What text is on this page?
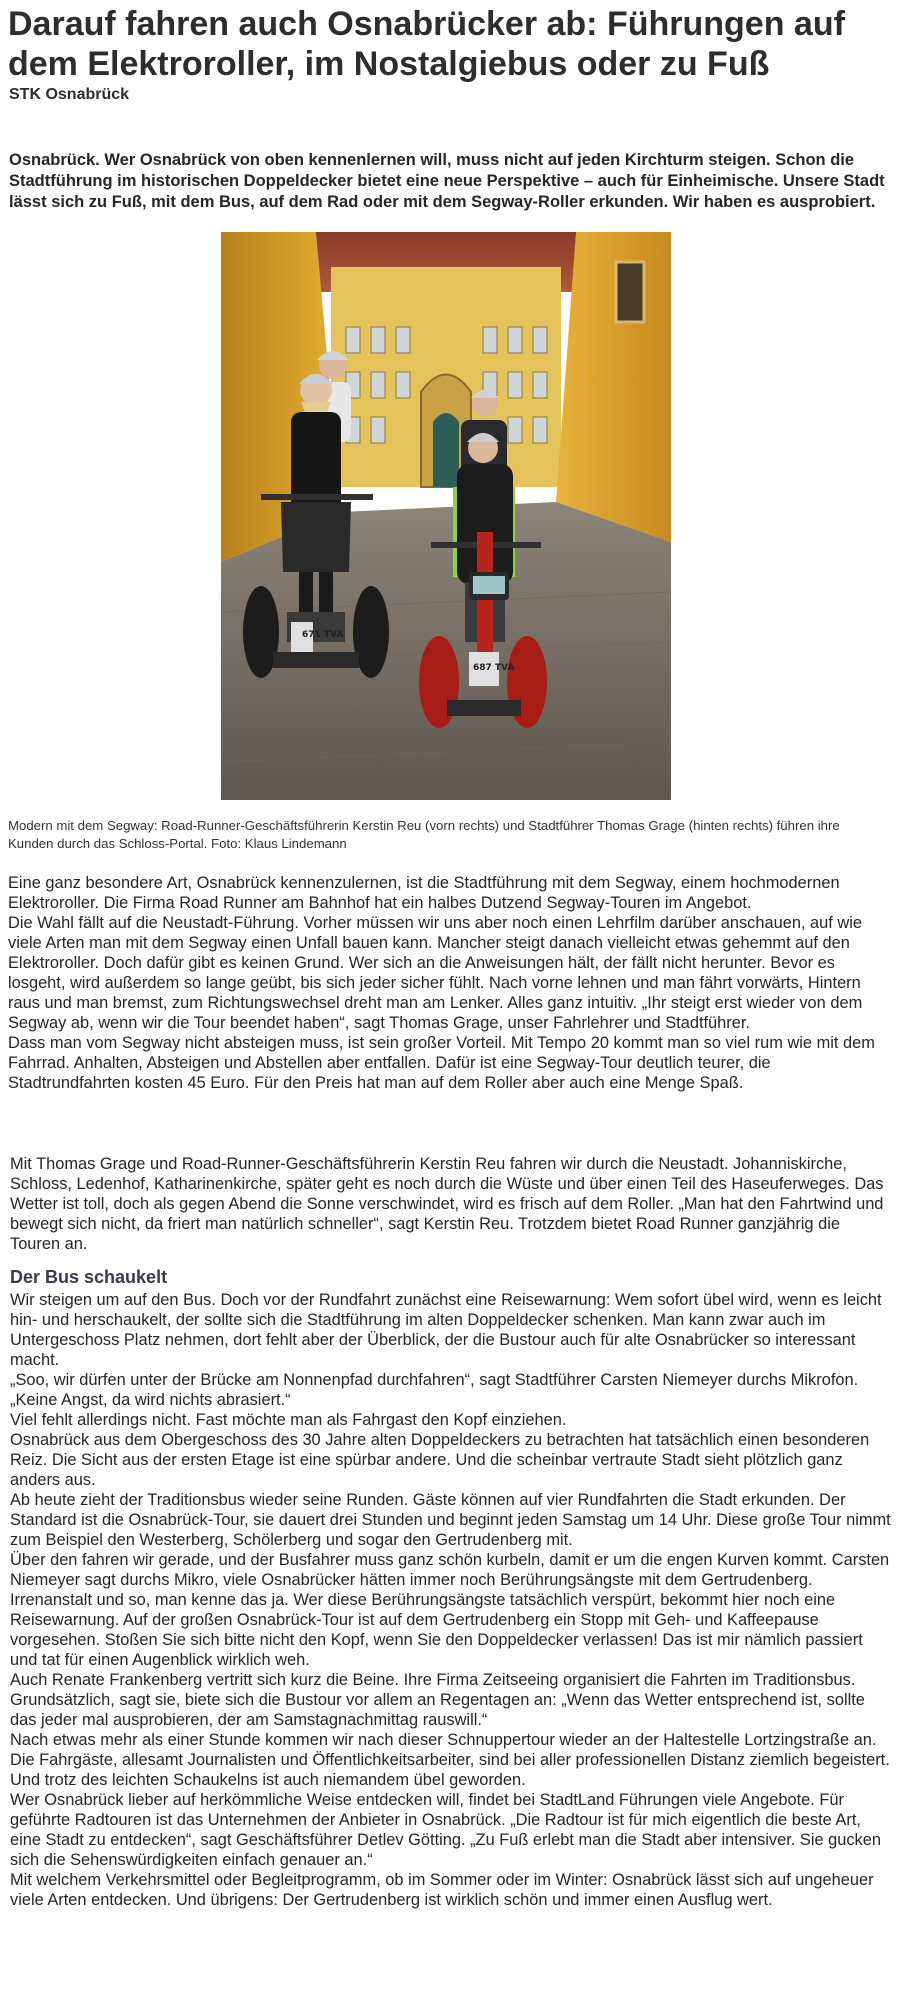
Darauf fahren auch Osnabrücker ab: Führungen auf dem Elektroroller, im Nostalgiebus oder zu Fuß
STK Osnabrück

Osnabrück. Wer Osnabrück von oben kennenlernen will, muss nicht auf jeden Kirchturm steigen. Schon die Stadtführung im historischen Doppeldecker bietet eine neue Perspektive – auch für Einheimische. Unsere Stadt lässt sich zu Fuß, mit dem Bus, auf dem Rad oder mit dem Segway-Roller erkunden. Wir haben es ausprobiert.

671 TVA
687 TVA

Modern mit dem Segway: Road-Runner-Geschäftsführerin Kerstin Reu (vorn rechts) und Stadtführer Thomas Grage (hinten rechts) führen ihre Kunden durch das Schloss-Portal. Foto: Klaus Lindemann

Eine ganz besondere Art, Osnabrück kennenzulernen, ist die Stadtführung mit dem Segway, einem hochmodernen Elektroroller. Die Firma Road Runner am Bahnhof hat ein halbes Dutzend Segway-Touren im Angebot.

Die Wahl fällt auf die Neustadt-Führung. Vorher müssen wir uns aber noch einen Lehrfilm darüber anschauen, auf wie viele Arten man mit dem Segway einen Unfall bauen kann. Mancher steigt danach vielleicht etwas gehemmt auf den Elektroroller. Doch dafür gibt es keinen Grund. Wer sich an die Anweisungen hält, der fällt nicht herunter. Bevor es losgeht, wird außerdem so lange geübt, bis sich jeder sicher fühlt. Nach vorne lehnen und man fährt vorwärts, Hintern raus und man bremst, zum Richtungswechsel dreht man am Lenker. Alles ganz intuitiv. „Ihr steigt erst wieder von dem Segway ab, wenn wir die Tour beendet haben“, sagt Thomas Grage, unser Fahrlehrer und Stadtführer.

Dass man vom Segway nicht absteigen muss, ist sein großer Vorteil. Mit Tempo 20 kommt man so viel rum wie mit dem Fahrrad. Anhalten, Absteigen und Abstellen aber entfallen. Dafür ist eine Segway-Tour deutlich teurer, die Stadtrundfahrten kosten 45 Euro. Für den Preis hat man auf dem Roller aber auch eine Menge Spaß.

Mit Thomas Grage und Road-Runner-Geschäftsführerin Kerstin Reu fahren wir durch die Neustadt. Johanniskirche, Schloss, Ledenhof, Katharinenkirche, später geht es noch durch die Wüste und über einen Teil des Haseuferweges. Das Wetter ist toll, doch als gegen Abend die Sonne verschwindet, wird es frisch auf dem Roller. „Man hat den Fahrtwind und bewegt sich nicht, da friert man natürlich schneller“, sagt Kerstin Reu. Trotzdem bietet Road Runner ganzjährig die Touren an.

Der Bus schaukelt

Wir steigen um auf den Bus. Doch vor der Rundfahrt zunächst eine Reisewarnung: Wem sofort übel wird, wenn es leicht hin- und herschaukelt, der sollte sich die Stadtführung im alten Doppeldecker schenken. Man kann zwar auch im Untergeschoss Platz nehmen, dort fehlt aber der Überblick, der die Bustour auch für alte Osnabrücker so interessant macht.

„Soo, wir dürfen unter der Brücke am Nonnenpfad durchfahren“, sagt Stadtführer Carsten Niemeyer durchs Mikrofon. „Keine Angst, da wird nichts abrasiert.“

Viel fehlt allerdings nicht. Fast möchte man als Fahrgast den Kopf einziehen.

Osnabrück aus dem Obergeschoss des 30 Jahre alten Doppeldeckers zu betrachten hat tatsächlich einen besonderen Reiz. Die Sicht aus der ersten Etage ist eine spürbar andere. Und die scheinbar vertraute Stadt sieht plötzlich ganz anders aus.

Ab heute zieht der Traditionsbus wieder seine Runden. Gäste können auf vier Rundfahrten die Stadt erkunden. Der Standard ist die Osnabrück-Tour, sie dauert drei Stunden und beginnt jeden Samstag um 14 Uhr. Diese große Tour nimmt zum Beispiel den Westerberg, Schölerberg und sogar den Gertrudenberg mit.

Über den fahren wir gerade, und der Busfahrer muss ganz schön kurbeln, damit er um die engen Kurven kommt. Carsten Niemeyer sagt durchs Mikro, viele Osnabrücker hätten immer noch Berührungsängste mit dem Gertrudenberg. Irrenanstalt und so, man kenne das ja. Wer diese Berührungsängste tatsächlich verspürt, bekommt hier noch eine Reisewarnung. Auf der großen Osnabrück-Tour ist auf dem Gertrudenberg ein Stopp mit Geh- und Kaffeepause vorgesehen. Stoßen Sie sich bitte nicht den Kopf, wenn Sie den Doppeldecker verlassen! Das ist mir nämlich passiert und tat für einen Augenblick wirklich weh.

Auch Renate Frankenberg vertritt sich kurz die Beine. Ihre Firma Zeitseeing organisiert die Fahrten im Traditionsbus. Grundsätzlich, sagt sie, biete sich die Bustour vor allem an Regentagen an: „Wenn das Wetter entsprechend ist, sollte das jeder mal ausprobieren, der am Samstagnachmittag rauswill.“

Nach etwas mehr als einer Stunde kommen wir nach dieser Schnuppertour wieder an der Haltestelle Lortzingstraße an. Die Fahrgäste, allesamt Journalisten und Öffentlichkeitsarbeiter, sind bei aller professionellen Distanz ziemlich begeistert. Und trotz des leichten Schaukelns ist auch niemandem übel geworden.

Wer Osnabrück lieber auf herkömmliche Weise entdecken will, findet bei StadtLand Führungen viele Angebote. Für geführte Radtouren ist das Unternehmen der Anbieter in Osnabrück. „Die Radtour ist für mich eigentlich die beste Art, eine Stadt zu entdecken“, sagt Geschäftsführer Detlev Götting. „Zu Fuß erlebt man die Stadt aber intensiver. Sie gucken sich die Sehenswürdigkeiten einfach genauer an.“

Mit welchem Verkehrsmittel oder Begleitprogramm, ob im Sommer oder im Winter: Osnabrück lässt sich auf ungeheuer viele Arten entdecken. Und übrigens: Der Gertrudenberg ist wirklich schön und immer einen Ausflug wert.
